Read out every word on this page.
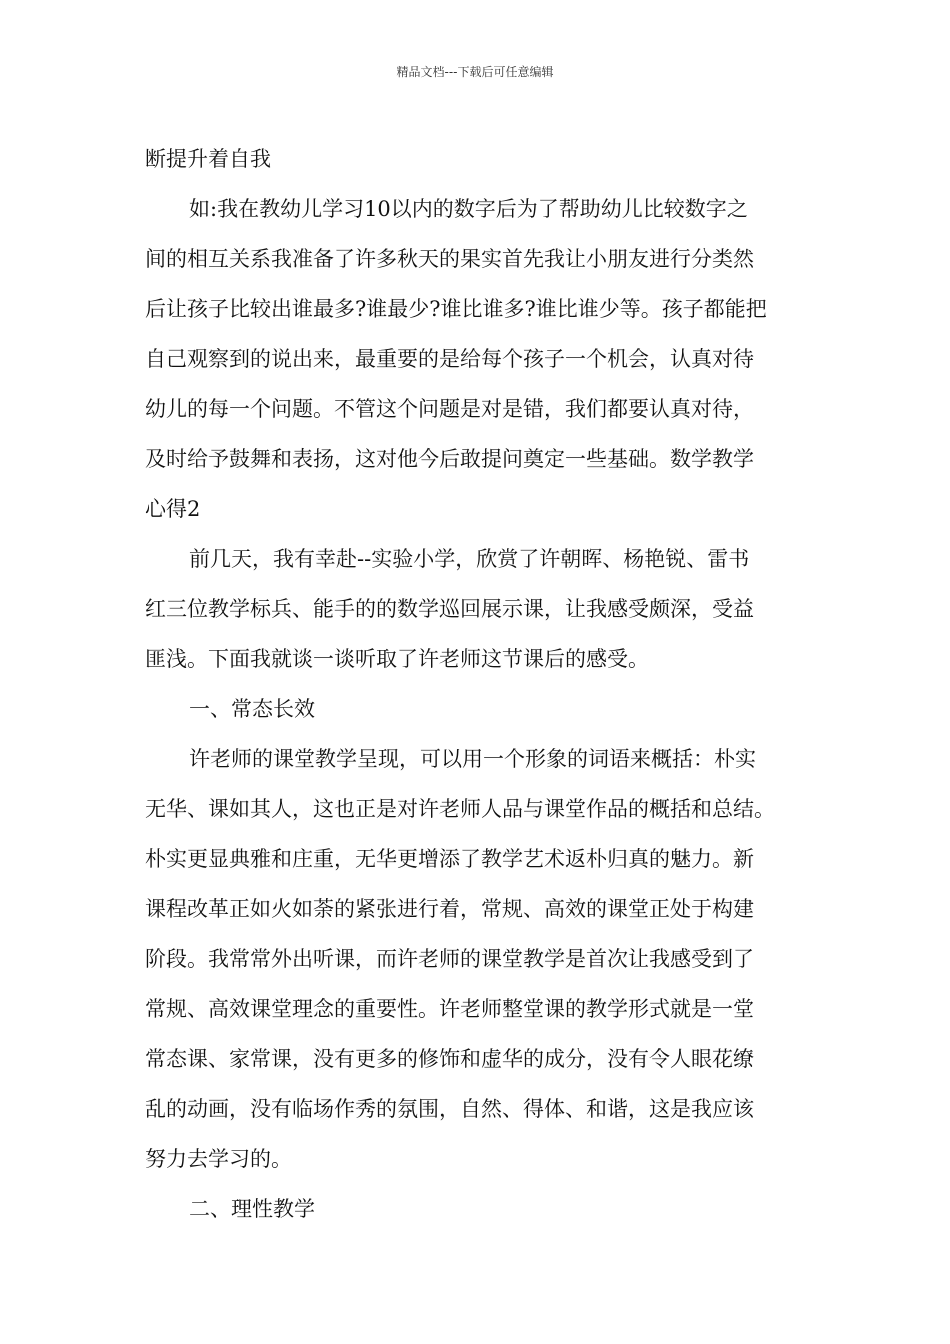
精品文档---下载后可任意编辑
断提升着自我
如:我在教幼儿学习10以内的数字后为了帮助幼儿比较数字之
间的相互关系我准备了许多秋天的果实首先我让小朋友进行分类然
后让孩子比较出谁最多?谁最少?谁比谁多?谁比谁少等。孩子都能把
自己观察到的说出来，最重要的是给每个孩子一个机会，认真对待
幼儿的每一个问题。不管这个问题是对是错，我们都要认真对待，
及时给予鼓舞和表扬，这对他今后敢提问奠定一些基础。数学教学
心得2
前几天，我有幸赴--实验小学，欣赏了许朝晖、杨艳锐、雷书
红三位教学标兵、能手的的数学巡回展示课，让我感受颇深，受益
匪浅。下面我就谈一谈听取了许老师这节课后的感受。
一、常态长效
许老师的课堂教学呈现，可以用一个形象的词语来概括：朴实
无华、课如其人，这也正是对许老师人品与课堂作品的概括和总结。
朴实更显典雅和庄重，无华更增添了教学艺术返朴归真的魅力。新
课程改革正如火如荼的紧张进行着，常规、高效的课堂正处于构建
阶段。我常常外出听课，而许老师的课堂教学是首次让我感受到了
常规、高效课堂理念的重要性。许老师整堂课的教学形式就是一堂
常态课、家常课，没有更多的修饰和虚华的成分，没有令人眼花缭
乱的动画，没有临场作秀的氛围，自然、得体、和谐，这是我应该
努力去学习的。
二、理性教学
